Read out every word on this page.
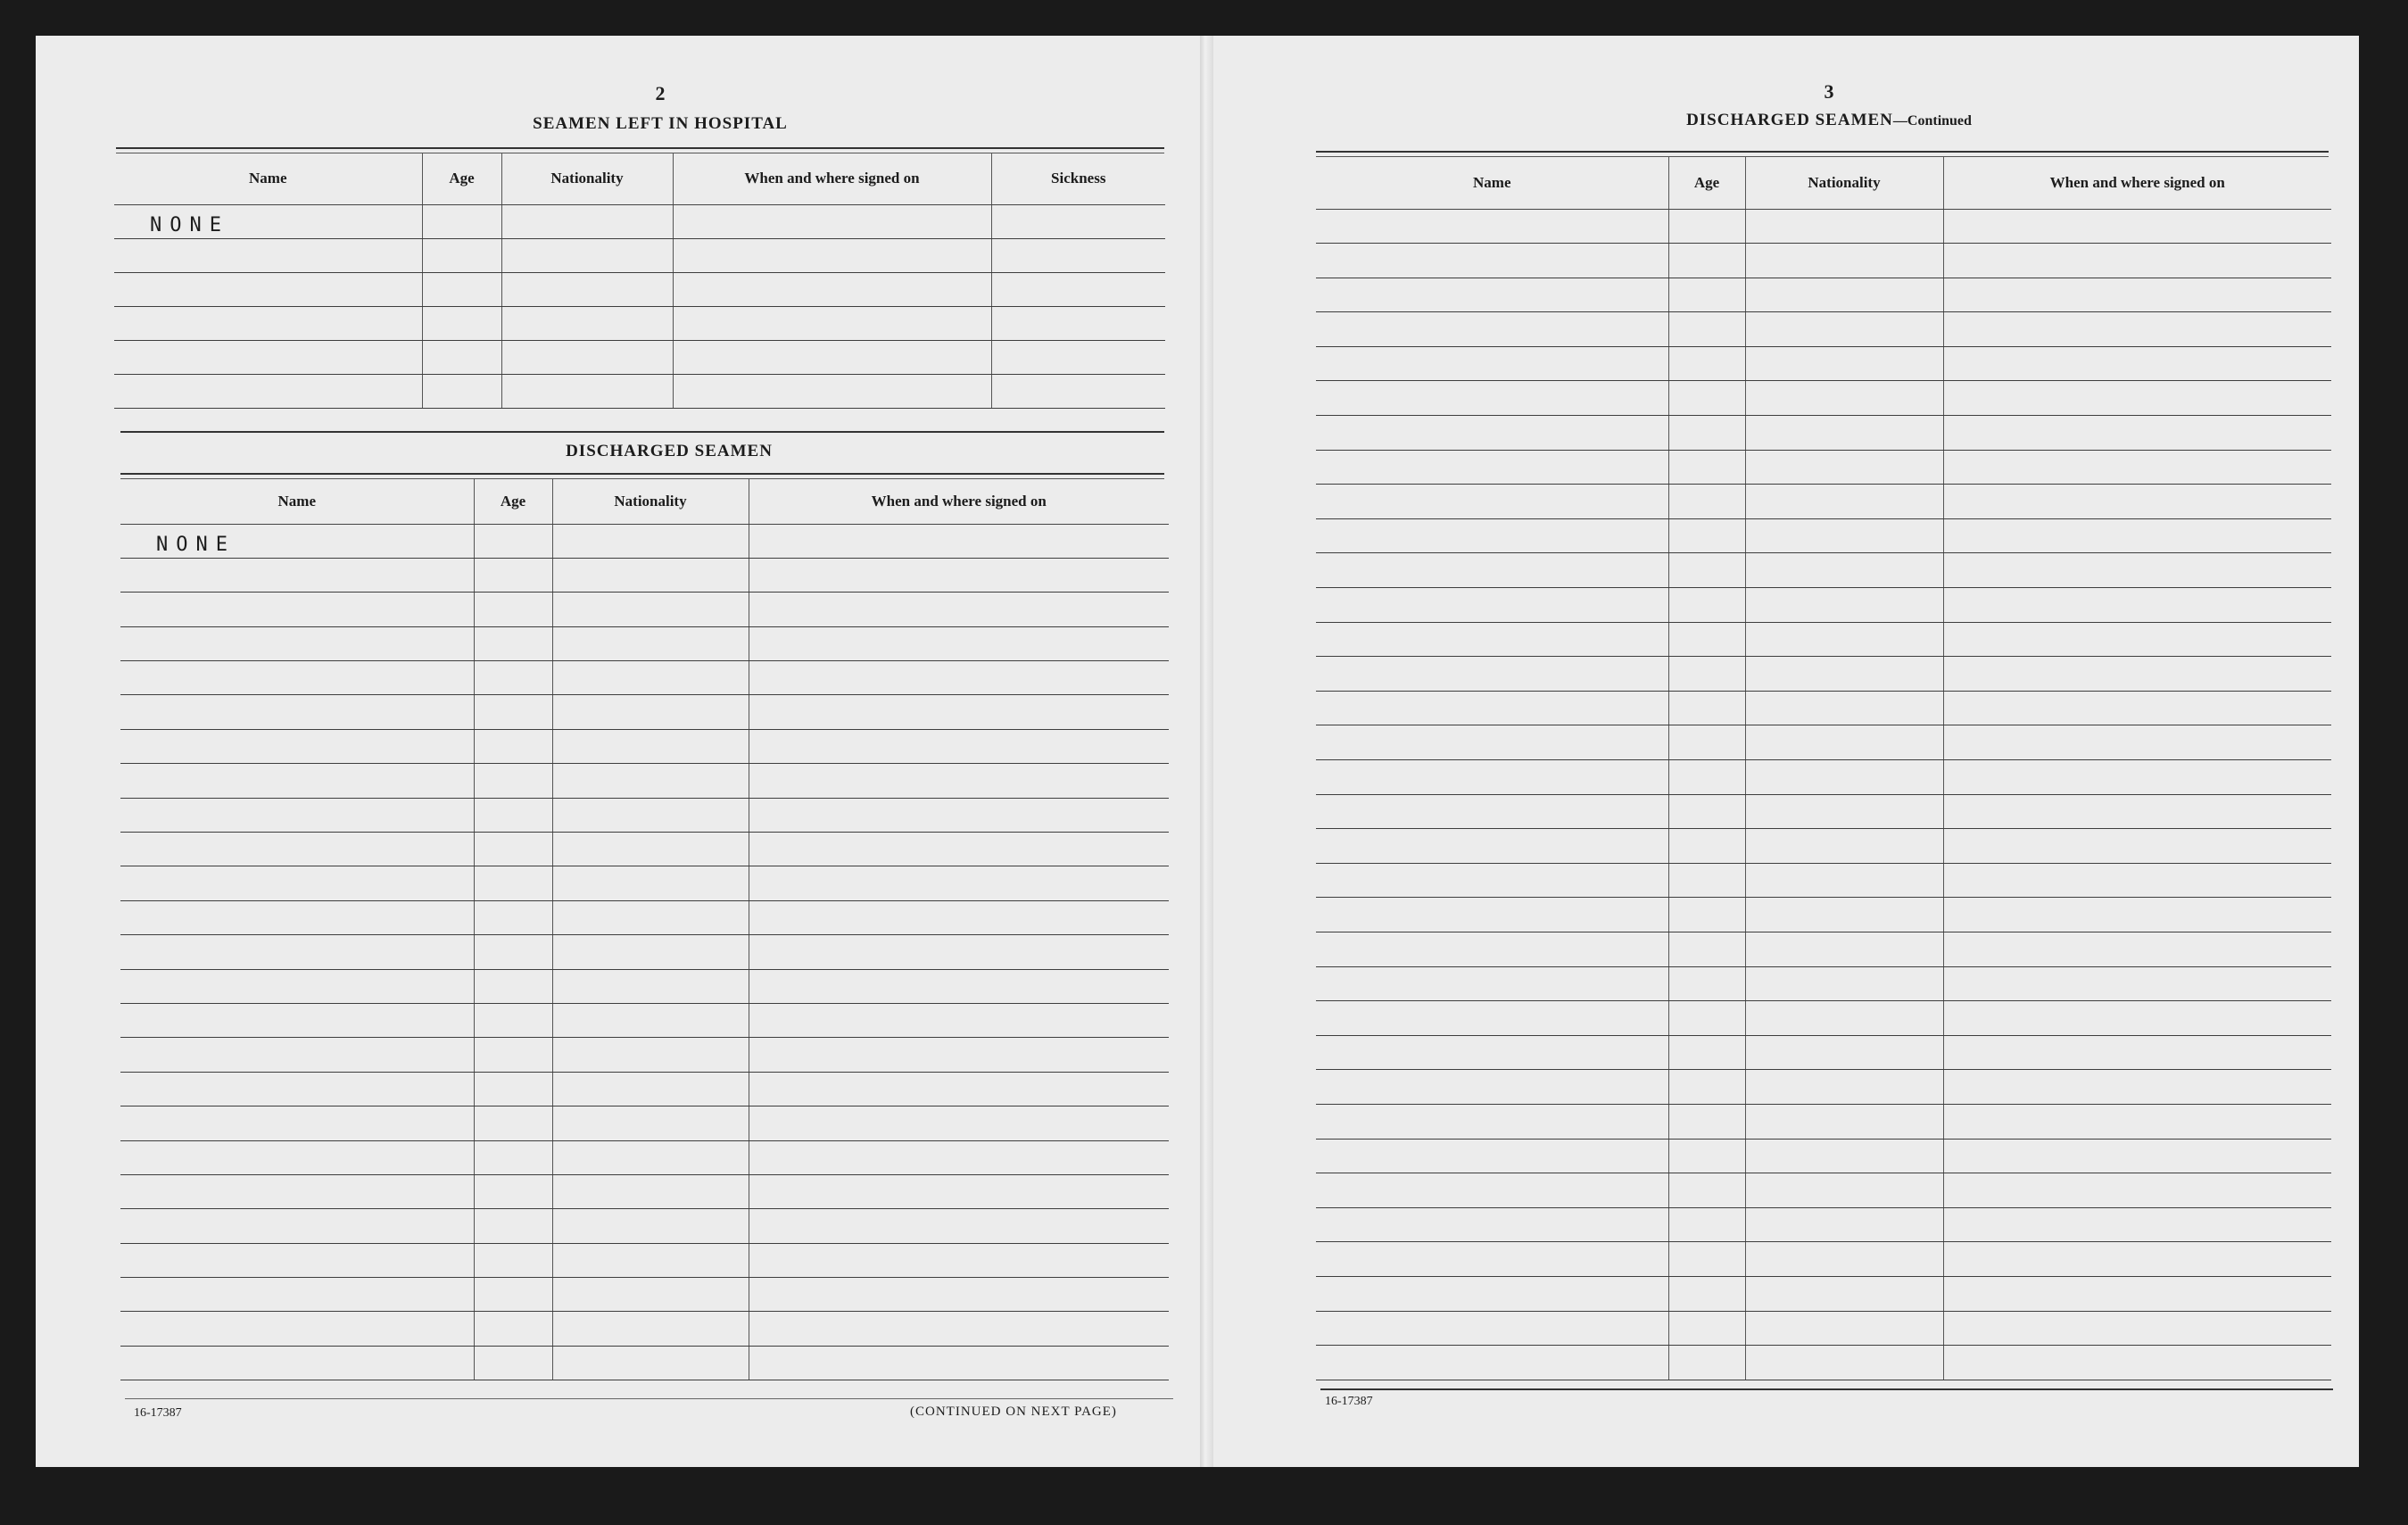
2
SEAMEN LEFT IN HOSPITAL
Name	Age	Nationality	When and where signed on	Sickness
NONE				

DISCHARGED SEAMEN
Name	Age	Nationality	When and where signed on
NONE			

16-17387	(CONTINUED ON NEXT PAGE)
3
DISCHARGED SEAMEN—Continued
Name	Age	Nationality	When and where signed on

16-17387
